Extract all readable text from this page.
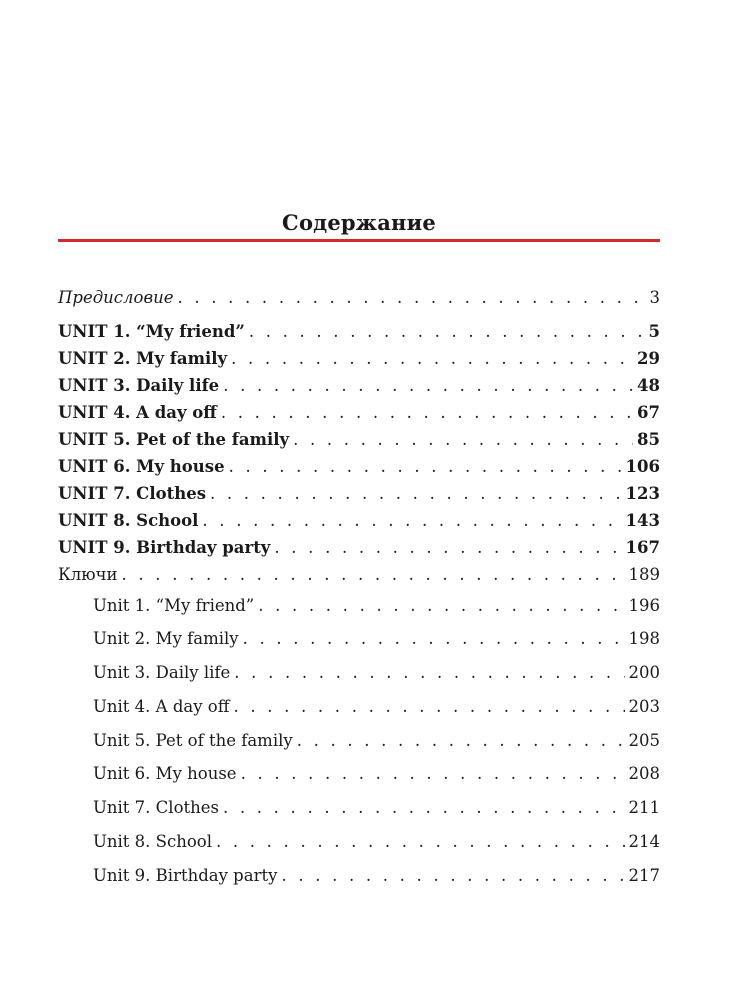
Содержание
Предисловие . . .	3
UNIT 1. “My friend” . . .	5
UNIT 2. My family . . .	29
UNIT 3. Daily life . . .	48
UNIT 4. A day off . . .	67
UNIT 5. Pet of the family . . .	85
UNIT 6. My house . . .	106
UNIT 7. Clothes . . .	123
UNIT 8. School . . .	143
UNIT 9. Birthday party . . .	167
Ключи . . .	189
Unit 1. “My friend” . . .	196
Unit 2. My family . . .	198
Unit 3. Daily life . . .	200
Unit 4. A day off . . .	203
Unit 5. Pet of the family . . .	205
Unit 6. My house . . .	208
Unit 7. Clothes . . .	211
Unit 8. School . . .	214
Unit 9. Birthday party . . .	217
